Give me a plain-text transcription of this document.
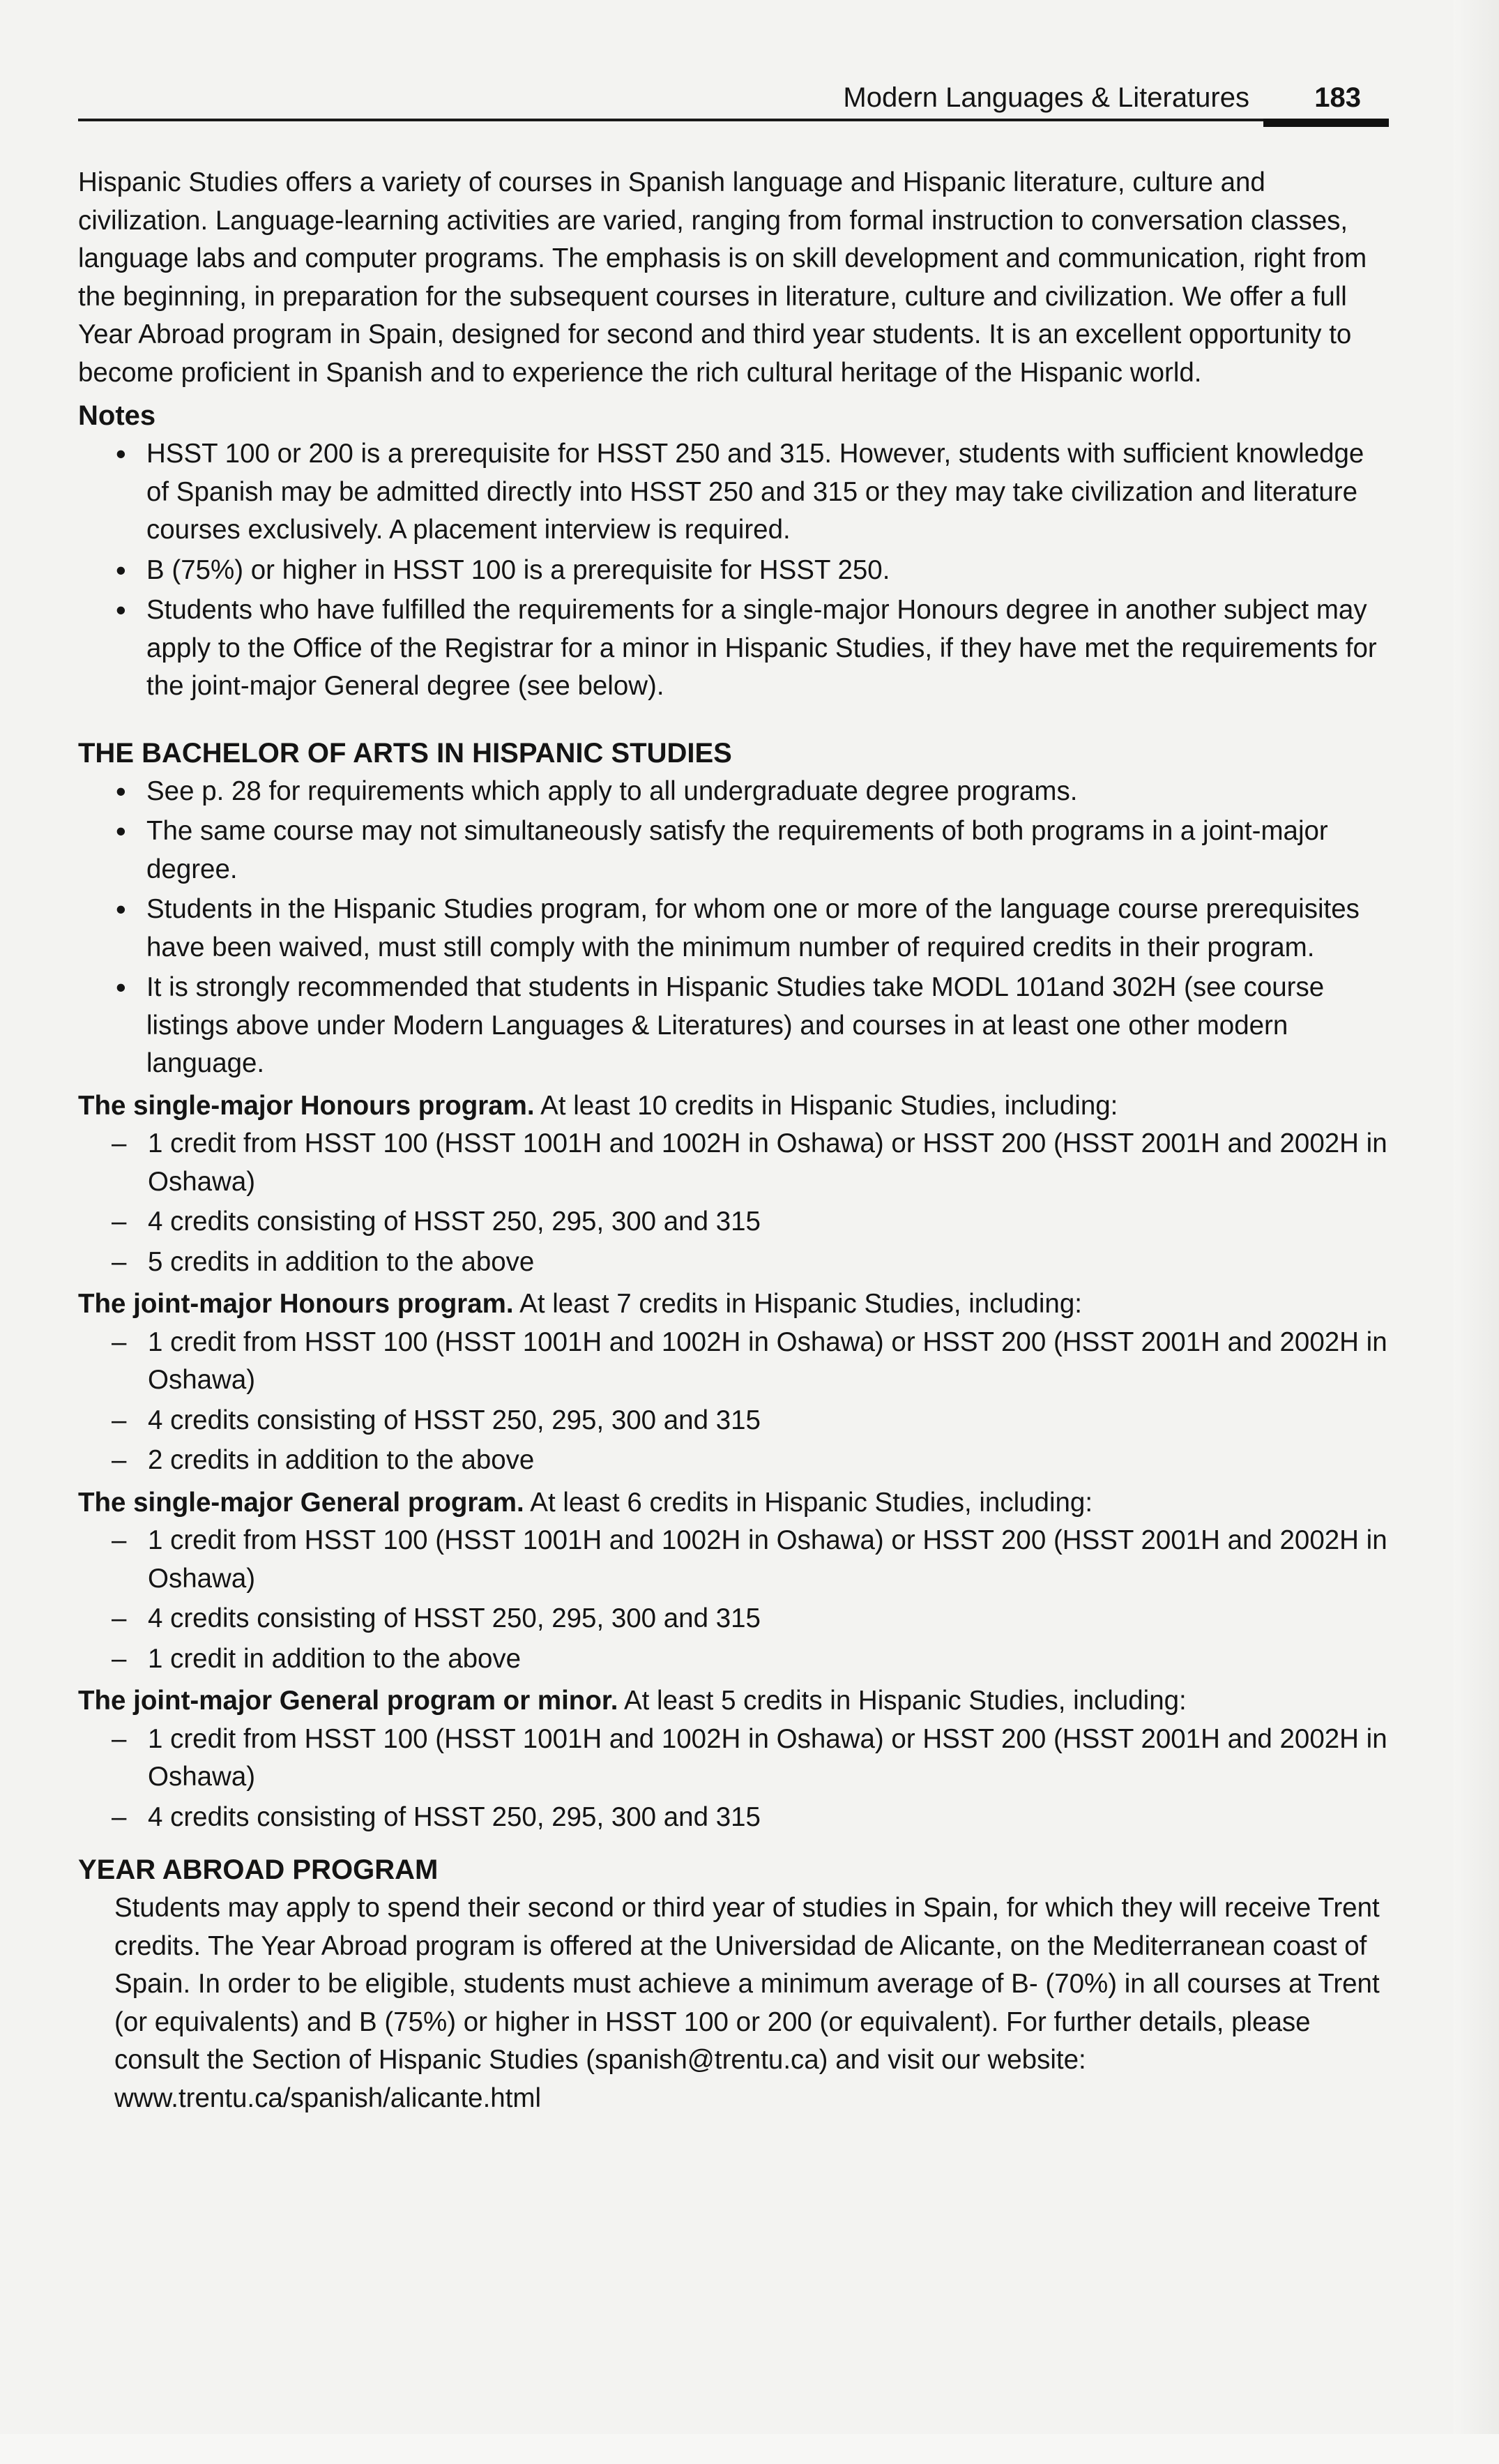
Modern Languages & Literatures 183

Hispanic Studies offers a variety of courses in Spanish language and Hispanic literature, culture and civilization. Language-learning activities are varied, ranging from formal instruction to conversation classes, language labs and computer programs. The emphasis is on skill development and communication, right from the beginning, in preparation for the subsequent courses in literature, culture and civilization. We offer a full Year Abroad program in Spain, designed for second and third year students. It is an excellent opportunity to become proficient in Spanish and to experience the rich cultural heritage of the Hispanic world.

Notes
• HSST 100 or 200 is a prerequisite for HSST 250 and 315. However, students with sufficient knowledge of Spanish may be admitted directly into HSST 250 and 315 or they may take civilization and literature courses exclusively. A placement interview is required.
• B (75%) or higher in HSST 100 is a prerequisite for HSST 250.
• Students who have fulfilled the requirements for a single-major Honours degree in another subject may apply to the Office of the Registrar for a minor in Hispanic Studies, if they have met the requirements for the joint-major General degree (see below).
THE BACHELOR OF ARTS IN HISPANIC STUDIES
• See p. 28 for requirements which apply to all undergraduate degree programs.
• The same course may not simultaneously satisfy the requirements of both programs in a joint-major degree.
• Students in the Hispanic Studies program, for whom one or more of the language course prerequisites have been waived, must still comply with the minimum number of required credits in their program.
• It is strongly recommended that students in Hispanic Studies take MODL 101and 302H (see course listings above under Modern Languages & Literatures) and courses in at least one other modern language.

The single-major Honours program. At least 10 credits in Hispanic Studies, including:

– 1 credit from HSST 100 (HSST 1001H and 1002H in Oshawa) or HSST 200 (HSST 2001H and 2002H in Oshawa)
– 4 credits consisting of HSST 250, 295, 300 and 315
– 5 credits in addition to the above

The joint-major Honours program. At least 7 credits in Hispanic Studies, including:

– 1 credit from HSST 100 (HSST 1001H and 1002H in Oshawa) or HSST 200 (HSST 2001H and 2002H in Oshawa)
– 4 credits consisting of HSST 250, 295, 300 and 315
– 2 credits in addition to the above

The single-major General program. At least 6 credits in Hispanic Studies, including:

– 1 credit from HSST 100 (HSST 1001H and 1002H in Oshawa) or HSST 200 (HSST 2001H and 2002H in Oshawa)
– 4 credits consisting of HSST 250, 295, 300 and 315
– 1 credit in addition to the above

The joint-major General program or minor. At least 5 credits in Hispanic Studies, including:

– 1 credit from HSST 100 (HSST 1001H and 1002H in Oshawa) or HSST 200 (HSST 2001H and 2002H in Oshawa)
– 4 credits consisting of HSST 250, 295, 300 and 315
YEAR ABROAD PROGRAM

Students may apply to spend their second or third year of studies in Spain, for which they will receive Trent credits. The Year Abroad program is offered at the Universidad de Alicante, on the Mediterranean coast of Spain. In order to be eligible, students must achieve a minimum average of B- (70%) in all courses at Trent (or equivalents) and B (75%) or higher in HSST 100 or 200 (or equivalent). For further details, please consult the Section of Hispanic Studies (spanish@trentu.ca) and visit our website: www.trentu.ca/spanish/alicante.html
